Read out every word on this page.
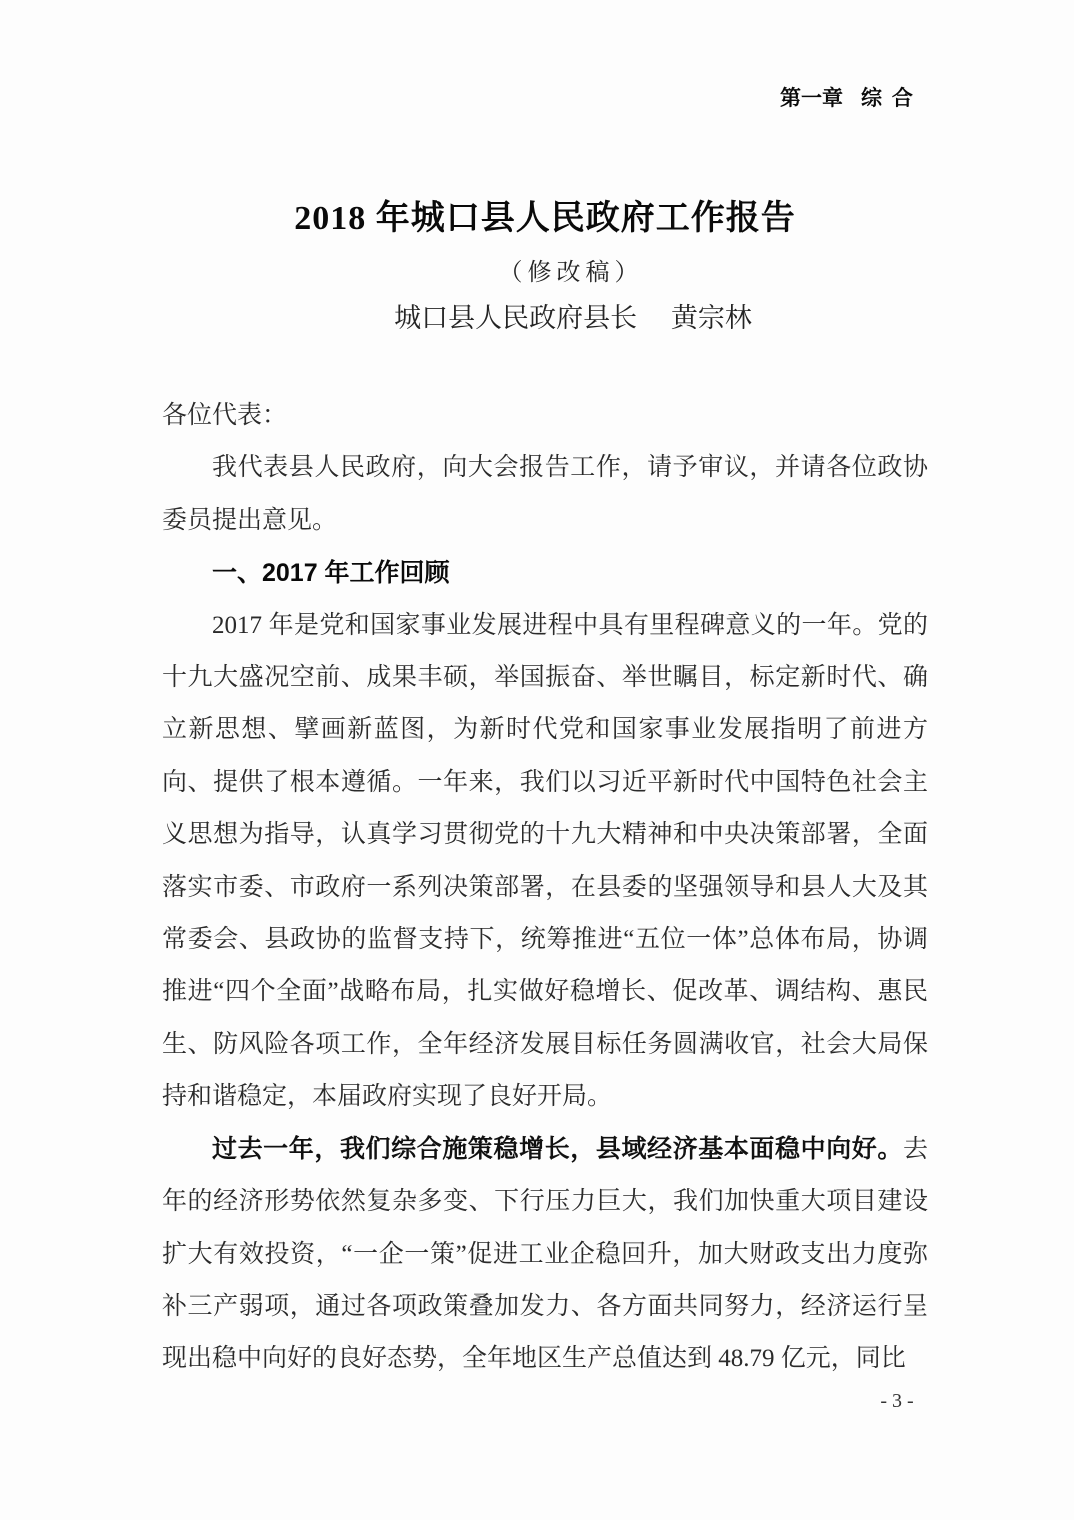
第一章 综 合
2018 年城口县人民政府工作报告
（修改稿）
城口县人民政府县长　 黄宗林

各位代表：

我代表县人民政府，向大会报告工作，请予审议，并请各位政协委员提出意见。

一、2017 年工作回顾

2017 年是党和国家事业发展进程中具有里程碑意义的一年。党的十九大盛况空前、成果丰硕，举国振奋、举世瞩目，标定新时代、确立新思想、擘画新蓝图，为新时代党和国家事业发展指明了前进方向、提供了根本遵循。一年来，我们以习近平新时代中国特色社会主义思想为指导，认真学习贯彻党的十九大精神和中央决策部署，全面落实市委、市政府一系列决策部署，在县委的坚强领导和县人大及其常委会、县政协的监督支持下，统筹推进“五位一体”总体布局，协调推进“四个全面”战略布局，扎实做好稳增长、促改革、调结构、惠民生、防风险各项工作，全年经济发展目标任务圆满收官，社会大局保持和谐稳定，本届政府实现了良好开局。

过去一年，我们综合施策稳增长，县域经济基本面稳中向好。去年的经济形势依然复杂多变、下行压力巨大，我们加快重大项目建设扩大有效投资，“一企一策”促进工业企稳回升，加大财政支出力度弥补三产弱项，通过各项政策叠加发力、各方面共同努力，经济运行呈现出稳中向好的良好态势，全年地区生产总值达到 48.79 亿元，同比

- 3 -
